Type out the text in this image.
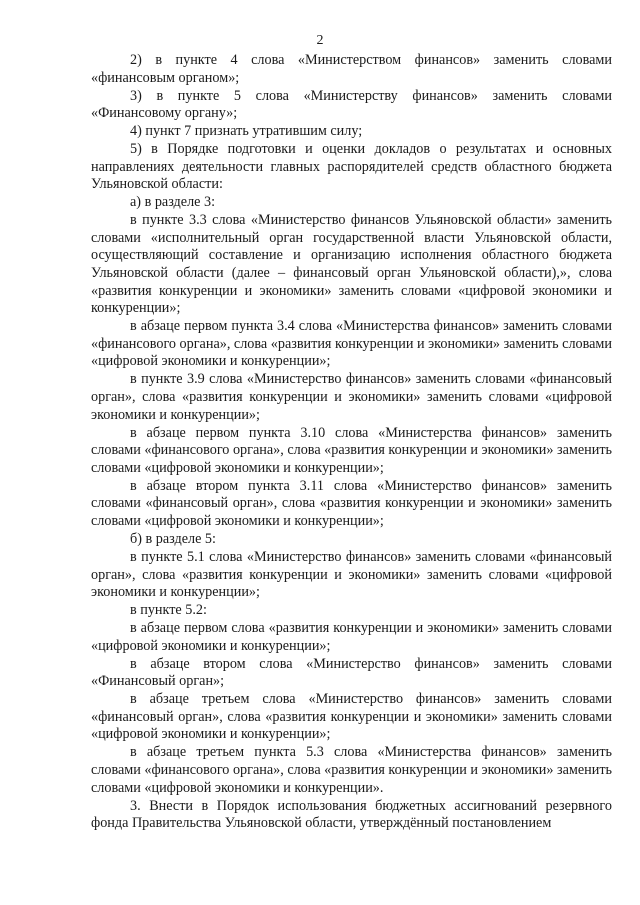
2

2) в пункте 4 слова «Министерством финансов» заменить словами «финансовым органом»;

3) в пункте 5 слова «Министерству финансов» заменить словами «Финансовому органу»;

4) пункт 7 признать утратившим силу;

5) в Порядке подготовки и оценки докладов о результатах и основных направлениях деятельности главных распорядителей средств областного бюджета Ульяновской области:

а) в разделе 3:

в пункте 3.3 слова «Министерство финансов Ульяновской области» заменить словами «исполнительный орган государственной власти Ульяновской области, осуществляющий составление и организацию исполнения областного бюджета Ульяновской области (далее – финансовый орган Ульяновской области),», слова «развития конкуренции и экономики» заменить словами «цифровой экономики и конкуренции»;

в абзаце первом пункта 3.4 слова «Министерства финансов» заменить словами «финансового органа», слова «развития конкуренции и экономики» заменить словами «цифровой экономики и конкуренции»;

в пункте 3.9 слова «Министерство финансов» заменить словами «финансовый орган», слова «развития конкуренции и экономики» заменить словами «цифровой экономики и конкуренции»;

в абзаце первом пункта 3.10 слова «Министерства финансов» заменить словами «финансового органа», слова «развития конкуренции и экономики» заменить словами «цифровой экономики и конкуренции»;

в абзаце втором пункта 3.11 слова «Министерство финансов» заменить словами «финансовый орган», слова «развития конкуренции и экономики» заменить словами «цифровой экономики и конкуренции»;

б) в разделе 5:

в пункте 5.1 слова «Министерство финансов» заменить словами «финансовый орган», слова «развития конкуренции и экономики» заменить словами «цифровой экономики и конкуренции»;

в пункте 5.2:

в абзаце первом слова «развития конкуренции и экономики» заменить словами «цифровой экономики и конкуренции»;

в абзаце втором слова «Министерство финансов» заменить словами «Финансовый орган»;

в абзаце третьем слова «Министерство финансов» заменить словами «финансовый орган», слова «развития конкуренции и экономики» заменить словами «цифровой экономики и конкуренции»;

в абзаце третьем пункта 5.3 слова «Министерства финансов» заменить словами «финансового органа», слова «развития конкуренции и экономики» заменить словами «цифровой экономики и конкуренции».

3. Внести в Порядок использования бюджетных ассигнований резервного фонда Правительства Ульяновской области, утверждённый постановлением
